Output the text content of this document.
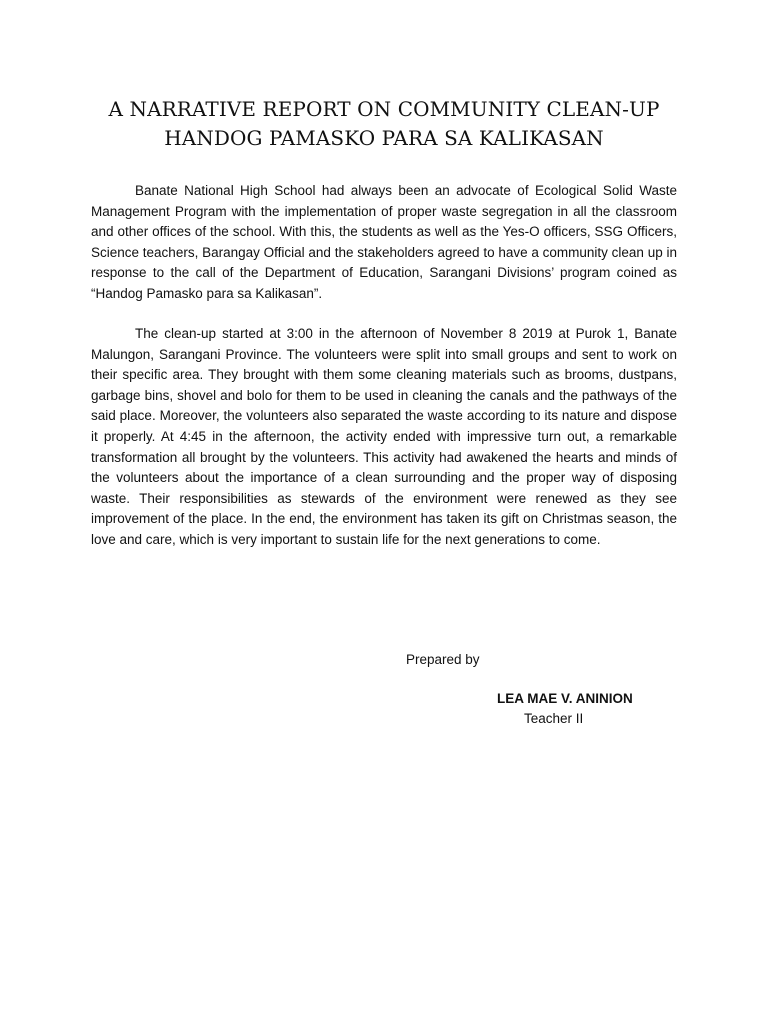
A NARRATIVE REPORT ON COMMUNITY CLEAN-UP
HANDOG PAMASKO PARA SA KALIKASAN

Banate National High School had always been an advocate of Ecological Solid Waste Management Program with the implementation of proper waste segregation in all the classroom and other offices of the school. With this, the students as well as the Yes-O officers, SSG Officers, Science teachers, Barangay Official and the stakeholders agreed to have a community clean up in response to the call of the Department of Education, Sarangani Divisions’ program coined as “Handog Pamasko para sa Kalikasan”.

The clean-up started at 3:00 in the afternoon of November 8 2019 at Purok 1, Banate Malungon, Sarangani Province. The volunteers were split into small groups and sent to work on their specific area. They brought with them some cleaning materials such as brooms, dustpans, garbage bins, shovel and bolo for them to be used in cleaning the canals and the pathways of the said place. Moreover, the volunteers also separated the waste according to its nature and dispose it properly. At 4:45 in the afternoon, the activity ended with impressive turn out, a remarkable transformation all brought by the volunteers. This activity had awakened the hearts and minds of the volunteers about the importance of a clean surrounding and the proper way of disposing waste. Their responsibilities as stewards of the environment were renewed as they see improvement of the place. In the end, the environment has taken its gift on Christmas season, the love and care, which is very important to sustain life for the next generations to come.

Prepared by

LEA MAE V. ANINION

Teacher II
